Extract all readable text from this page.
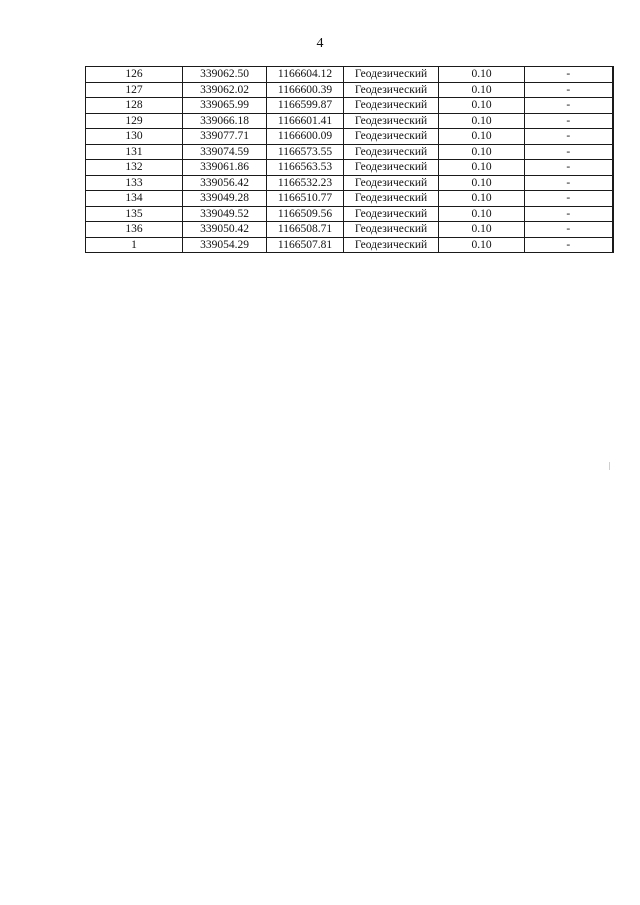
4
126	339062.50	1166604.12	Геодезический	0.10	-
127	339062.02	1166600.39	Геодезический	0.10	-
128	339065.99	1166599.87	Геодезический	0.10	-
129	339066.18	1166601.41	Геодезический	0.10	-
130	339077.71	1166600.09	Геодезический	0.10	-
131	339074.59	1166573.55	Геодезический	0.10	-
132	339061.86	1166563.53	Геодезический	0.10	-
133	339056.42	1166532.23	Геодезический	0.10	-
134	339049.28	1166510.77	Геодезический	0.10	-
135	339049.52	1166509.56	Геодезический	0.10	-
136	339050.42	1166508.71	Геодезический	0.10	-
1	339054.29	1166507.81	Геодезический	0.10	-
